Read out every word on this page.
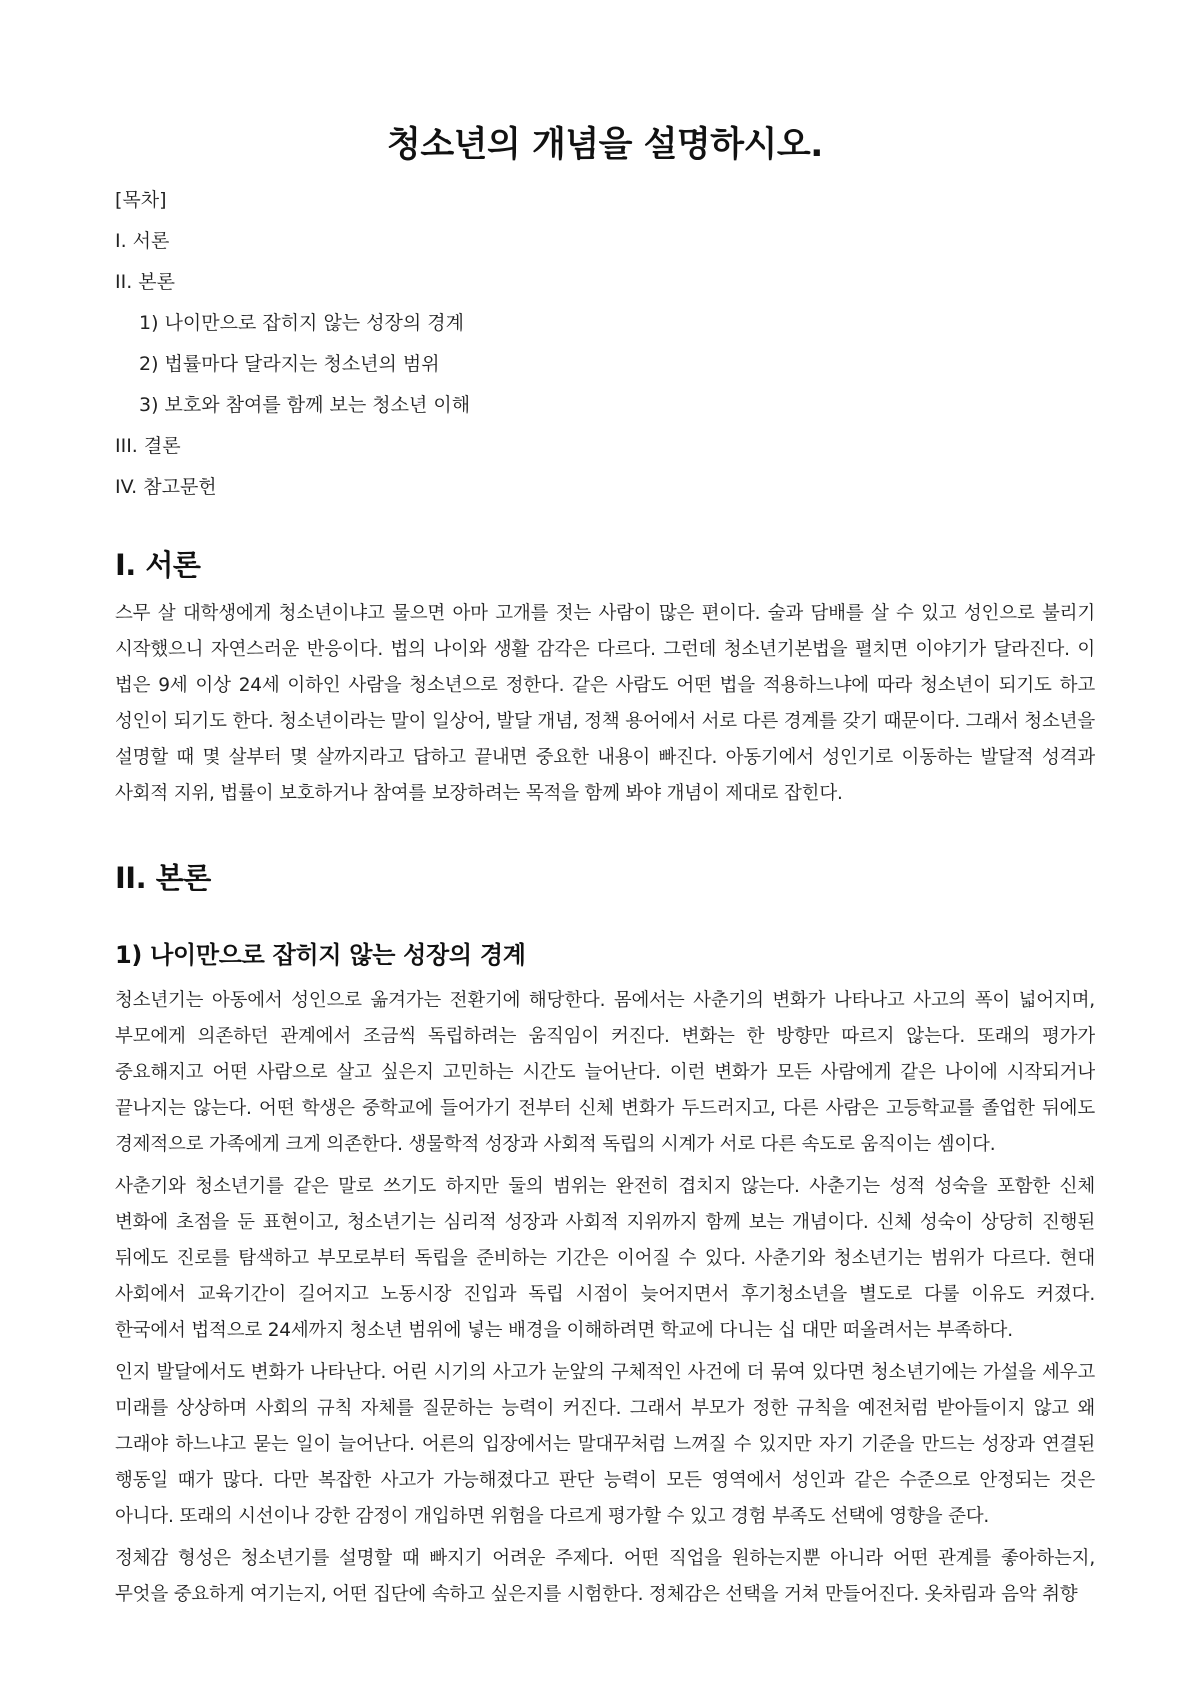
청소년의 개념을 설명하시오.
[목차]
I. 서론
II. 본론
1) 나이만으로 잡히지 않는 성장의 경계
2) 법률마다 달라지는 청소년의 범위
3) 보호와 참여를 함께 보는 청소년 이해
III. 결론
IV. 참고문헌
I. 서론

스무 살 대학생에게 청소년이냐고 물으면 아마 고개를 젓는 사람이 많은 편이다. 술과 담배를 살 수 있고 성인으로 불리기 시작했으니 자연스러운 반응이다. 법의 나이와 생활 감각은 다르다. 그런데 청소년기본법을 펼치면 이야기가 달라진다. 이 법은 9세 이상 24세 이하인 사람을 청소년으로 정한다. 같은 사람도 어떤 법을 적용하느냐에 따라 청소년이 되기도 하고 성인이 되기도 한다. 청소년이라는 말이 일상어, 발달 개념, 정책 용어에서 서로 다른 경계를 갖기 때문이다. 그래서 청소년을 설명할 때 몇 살부터 몇 살까지라고 답하고 끝내면 중요한 내용이 빠진다. 아동기에서 성인기로 이동하는 발달적 성격과 사회적 지위, 법률이 보호하거나 참여를 보장하려는 목적을 함께 봐야 개념이 제대로 잡힌다.

II. 본론
1) 나이만으로 잡히지 않는 성장의 경계

청소년기는 아동에서 성인으로 옮겨가는 전환기에 해당한다. 몸에서는 사춘기의 변화가 나타나고 사고의 폭이 넓어지며, 부모에게 의존하던 관계에서 조금씩 독립하려는 움직임이 커진다. 변화는 한 방향만 따르지 않는다. 또래의 평가가 중요해지고 어떤 사람으로 살고 싶은지 고민하는 시간도 늘어난다. 이런 변화가 모든 사람에게 같은 나이에 시작되거나 끝나지는 않는다. 어떤 학생은 중학교에 들어가기 전부터 신체 변화가 두드러지고, 다른 사람은 고등학교를 졸업한 뒤에도 경제적으로 가족에게 크게 의존한다. 생물학적 성장과 사회적 독립의 시계가 서로 다른 속도로 움직이는 셈이다.

사춘기와 청소년기를 같은 말로 쓰기도 하지만 둘의 범위는 완전히 겹치지 않는다. 사춘기는 성적 성숙을 포함한 신체 변화에 초점을 둔 표현이고, 청소년기는 심리적 성장과 사회적 지위까지 함께 보는 개념이다. 신체 성숙이 상당히 진행된 뒤에도 진로를 탐색하고 부모로부터 독립을 준비하는 기간은 이어질 수 있다. 사춘기와 청소년기는 범위가 다르다. 현대 사회에서 교육기간이 길어지고 노동시장 진입과 독립 시점이 늦어지면서 후기청소년을 별도로 다룰 이유도 커졌다. 한국에서 법적으로 24세까지 청소년 범위에 넣는 배경을 이해하려면 학교에 다니는 십 대만 떠올려서는 부족하다.

인지 발달에서도 변화가 나타난다. 어린 시기의 사고가 눈앞의 구체적인 사건에 더 묶여 있다면 청소년기에는 가설을 세우고 미래를 상상하며 사회의 규칙 자체를 질문하는 능력이 커진다. 그래서 부모가 정한 규칙을 예전처럼 받아들이지 않고 왜 그래야 하느냐고 묻는 일이 늘어난다. 어른의 입장에서는 말대꾸처럼 느껴질 수 있지만 자기 기준을 만드는 성장과 연결된 행동일 때가 많다. 다만 복잡한 사고가 가능해졌다고 판단 능력이 모든 영역에서 성인과 같은 수준으로 안정되는 것은 아니다. 또래의 시선이나 강한 감정이 개입하면 위험을 다르게 평가할 수 있고 경험 부족도 선택에 영향을 준다.

정체감 형성은 청소년기를 설명할 때 빠지기 어려운 주제다. 어떤 직업을 원하는지뿐 아니라 어떤 관계를 좋아하는지, 무엇을 중요하게 여기는지, 어떤 집단에 속하고 싶은지를 시험한다. 정체감은 선택을 거쳐 만들어진다. 옷차림과 음악 취향
